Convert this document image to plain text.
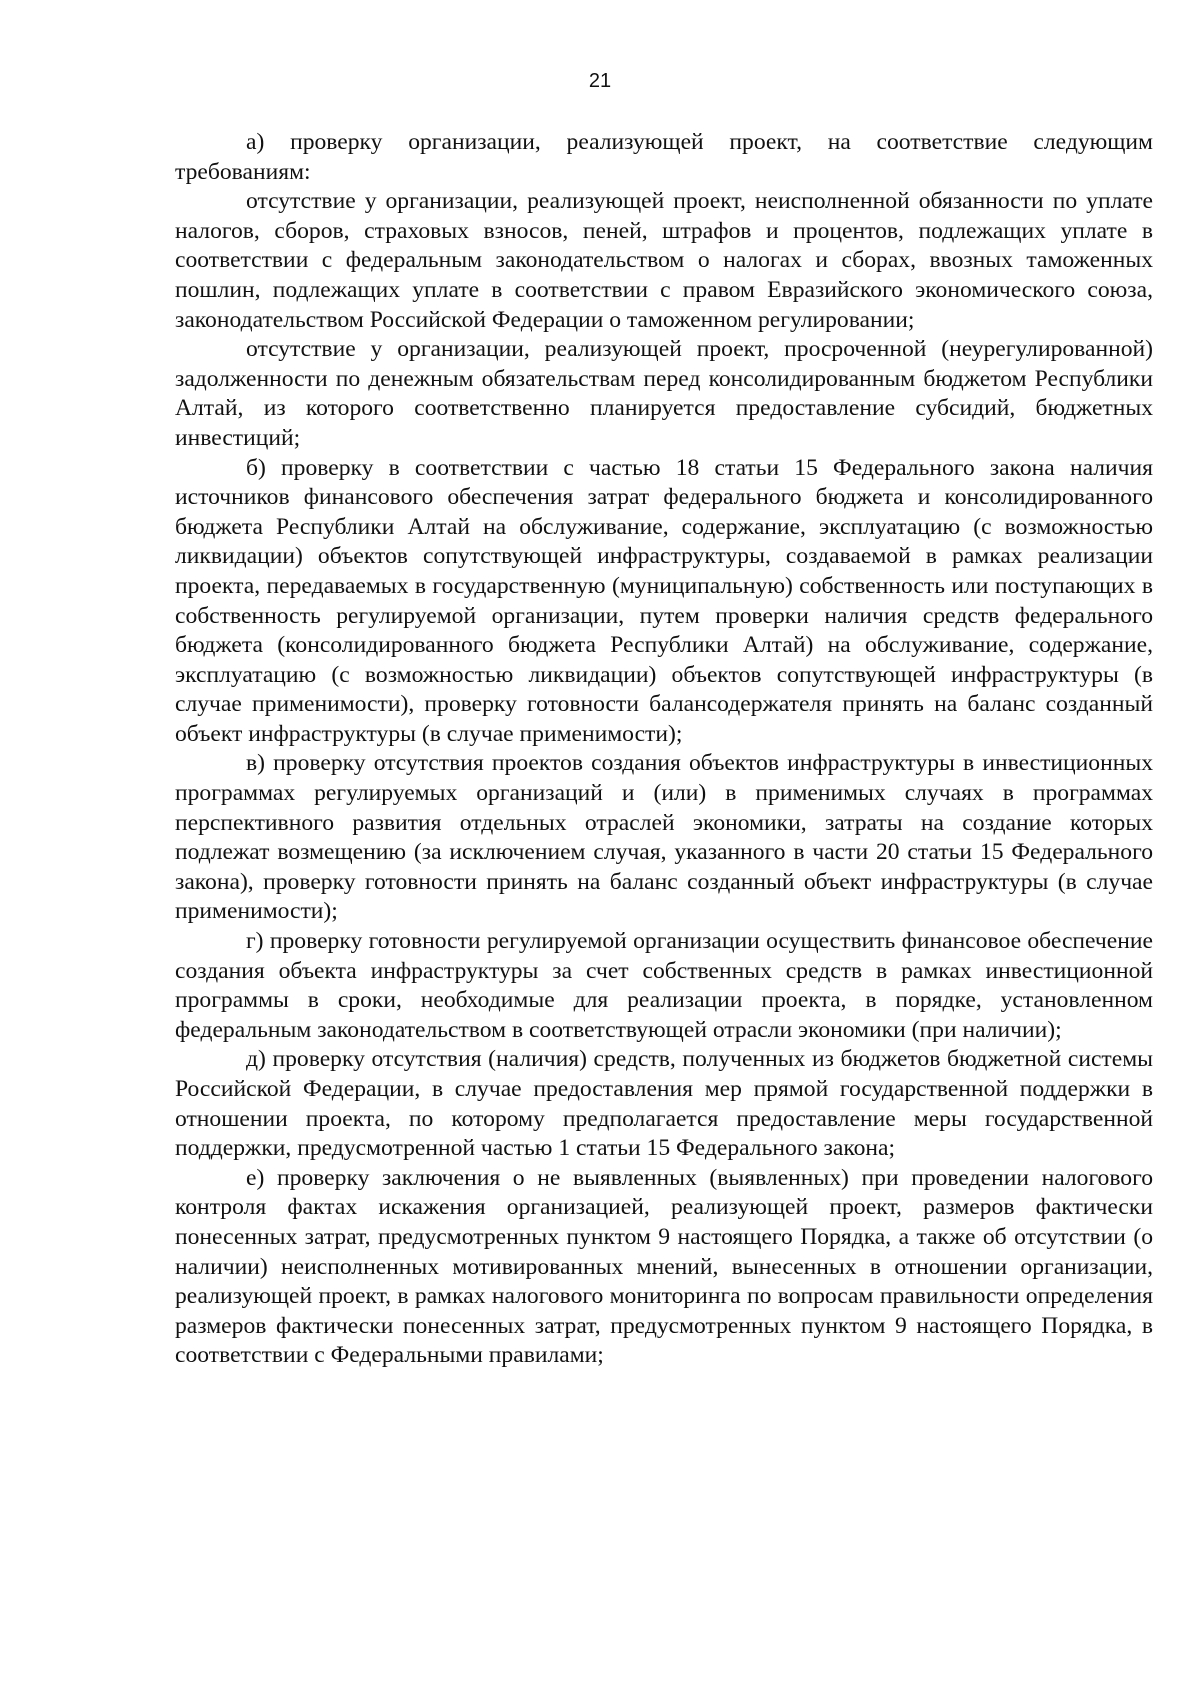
21

а) проверку организации, реализующей проект, на соответствие следующим требованиям:

отсутствие у организации, реализующей проект, неисполненной обязанности по уплате налогов, сборов, страховых взносов, пеней, штрафов и процентов, подлежащих уплате в соответствии с федеральным законодательством о налогах и сборах, ввозных таможенных пошлин, подлежащих уплате в соответствии с правом Евразийского экономического союза, законодательством Российской Федерации о таможенном регулировании;

отсутствие у организации, реализующей проект, просроченной (неурегулированной) задолженности по денежным обязательствам перед консолидированным бюджетом Республики Алтай, из которого соответственно планируется предоставление субсидий, бюджетных инвестиций;

б) проверку в соответствии с частью 18 статьи 15 Федерального закона наличия источников финансового обеспечения затрат федерального бюджета и консолидированного бюджета Республики Алтай на обслуживание, содержание, эксплуатацию (с возможностью ликвидации) объектов сопутствующей инфраструктуры, создаваемой в рамках реализации проекта, передаваемых в государственную (муниципальную) собственность или поступающих в собственность регулируемой организации, путем проверки наличия средств федерального бюджета (консолидированного бюджета Республики Алтай) на обслуживание, содержание, эксплуатацию (с возможностью ликвидации) объектов сопутствующей инфраструктуры (в случае применимости), проверку готовности балансодержателя принять на баланс созданный объект инфраструктуры (в случае применимости);

в) проверку отсутствия проектов создания объектов инфраструктуры в инвестиционных программах регулируемых организаций и (или) в применимых случаях в программах перспективного развития отдельных отраслей экономики, затраты на создание которых подлежат возмещению (за исключением случая, указанного в части 20 статьи 15 Федерального закона), проверку готовности принять на баланс созданный объект инфраструктуры (в случае применимости);

г) проверку готовности регулируемой организации осуществить финансовое обеспечение создания объекта инфраструктуры за счет собственных средств в рамках инвестиционной программы в сроки, необходимые для реализации проекта, в порядке, установленном федеральным законодательством в соответствующей отрасли экономики (при наличии);

д) проверку отсутствия (наличия) средств, полученных из бюджетов бюджетной системы Российской Федерации, в случае предоставления мер прямой государственной поддержки в отношении проекта, по которому предполагается предоставление меры государственной поддержки, предусмотренной частью 1 статьи 15 Федерального закона;

е) проверку заключения о не выявленных (выявленных) при проведении налогового контроля фактах искажения организацией, реализующей проект, размеров фактически понесенных затрат, предусмотренных пунктом 9 настоящего Порядка, а также об отсутствии (о наличии) неисполненных мотивированных мнений, вынесенных в отношении организации, реализующей проект, в рамках налогового мониторинга по вопросам правильности определения размеров фактически понесенных затрат, предусмотренных пунктом 9 настоящего Порядка, в соответствии с Федеральными правилами;
